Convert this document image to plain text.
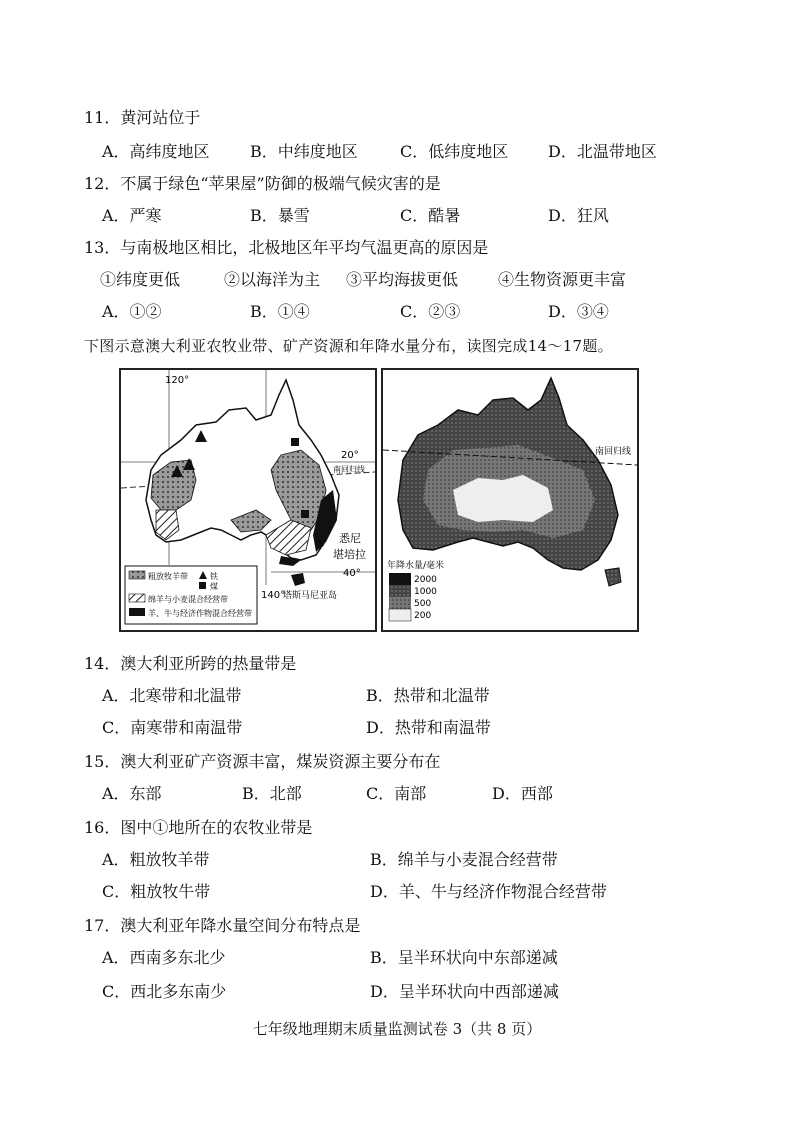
11．黄河站位于
A．高纬度地区	B．中纬度地区	C．低纬度地区 D．北温带地区
12．不属于绿色“苹果屋”防御的极端气候灾害的是
A．严寒	B．暴雪	C．酷暑	D．狂风
13．与南极地区相比，北极地区年平均气温更高的原因是
①纬度更低	②以海洋为主 ③平均海拔更低 ④生物资源更丰富
A．①②	B．①④	C．②③	D．③④
下图示意澳大利亚农牧业带、矿产资源和年降水量分布，读图完成14～17题。
120°
20°
南回归线
① 悉尼
堪培拉
40°
140°
塔斯马尼亚岛
粗放牧羊带	铁
煤
绵羊与小麦混合经营带
羊、牛与经济作物混合经营带
南回归线
年降水量/毫米
2000
1000
500
200
14．澳大利亚所跨的热量带是
A．北寒带和北温带	B．热带和北温带
C．南寒带和南温带	D．热带和南温带
15．澳大利亚矿产资源丰富，煤炭资源主要分布在
A．东部	B．北部	C．南部	D．西部
16．图中①地所在的农牧业带是
A．粗放牧羊带	B．绵羊与小麦混合经营带
C．粗放牧牛带	D．羊、牛与经济作物混合经营带
17．澳大利亚年降水量空间分布特点是
A．西南多东北少	B．呈半环状向中东部递减
C．西北多东南少	D．呈半环状向中西部递减
七年级地理期末质量监测试卷 3（共 8 页）
